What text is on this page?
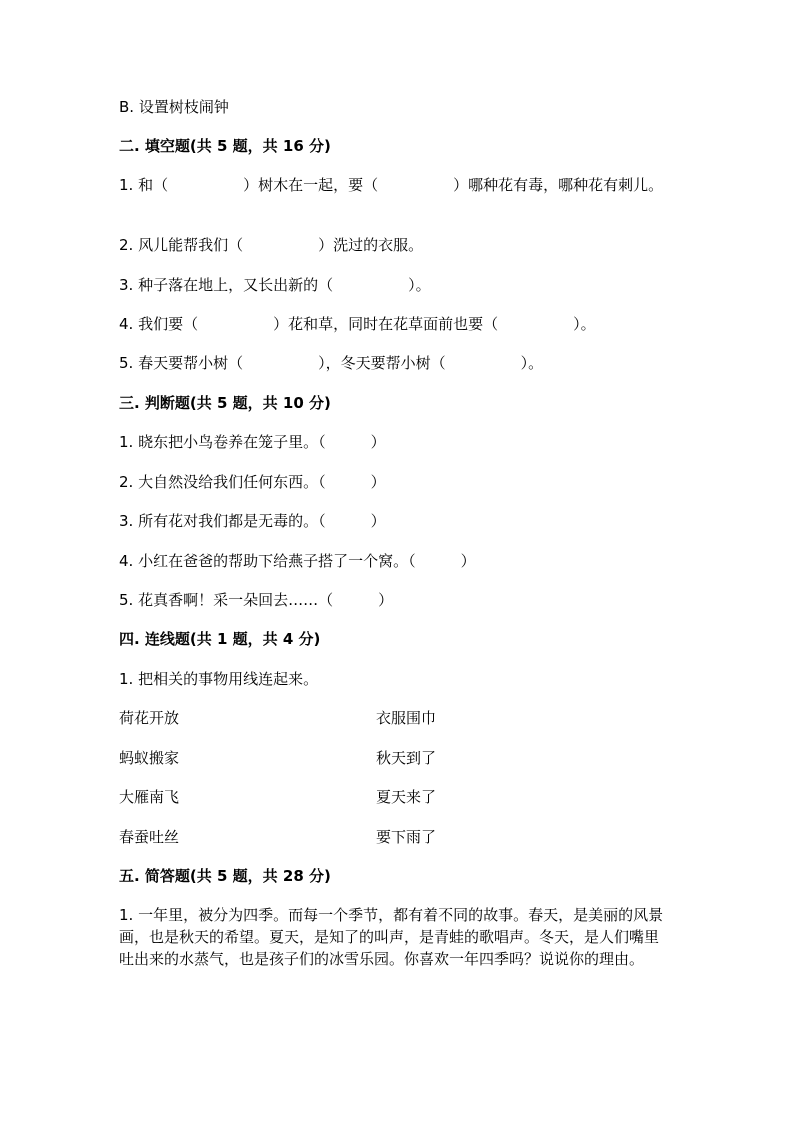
B. 设置树枝闹钟
二. 填空题(共 5 题，共 16 分)
1. 和（　　　　　）树木在一起，要（　　　　　）哪种花有毒，哪种花有刺儿。
2. 风儿能帮我们（　　　　　）洗过的衣服。
3. 种子落在地上，又长出新的（　　　　　）。
4. 我们要（　　　　　）花和草，同时在花草面前也要（　　　　　）。
5. 春天要帮小树（　　　　　），冬天要帮小树（　　　　　）。
三. 判断题(共 5 题，共 10 分)
1. 晓东把小鸟卷养在笼子里。（　　　）
2. 大自然没给我们任何东西。（　　　）
3. 所有花对我们都是无毒的。（　　　）
4. 小红在爸爸的帮助下给燕子搭了一个窝。（　　　）
5. 花真香啊！采一朵回去……（　　　）
四. 连线题(共 1 题，共 4 分)
1. 把相关的事物用线连起来。
荷花开放	衣服围巾
蚂蚁搬家	秋天到了
大雁南飞	夏天来了
春蚕吐丝	要下雨了
五. 简答题(共 5 题，共 28 分)
1. 一年里，被分为四季。而每一个季节，都有着不同的故事。春天，是美丽的风景画，也是秋天的希望。夏天，是知了的叫声，是青蛙的歌唱声。冬天，是人们嘴里吐出来的水蒸气，也是孩子们的冰雪乐园。你喜欢一年四季吗？说说你的理由。
